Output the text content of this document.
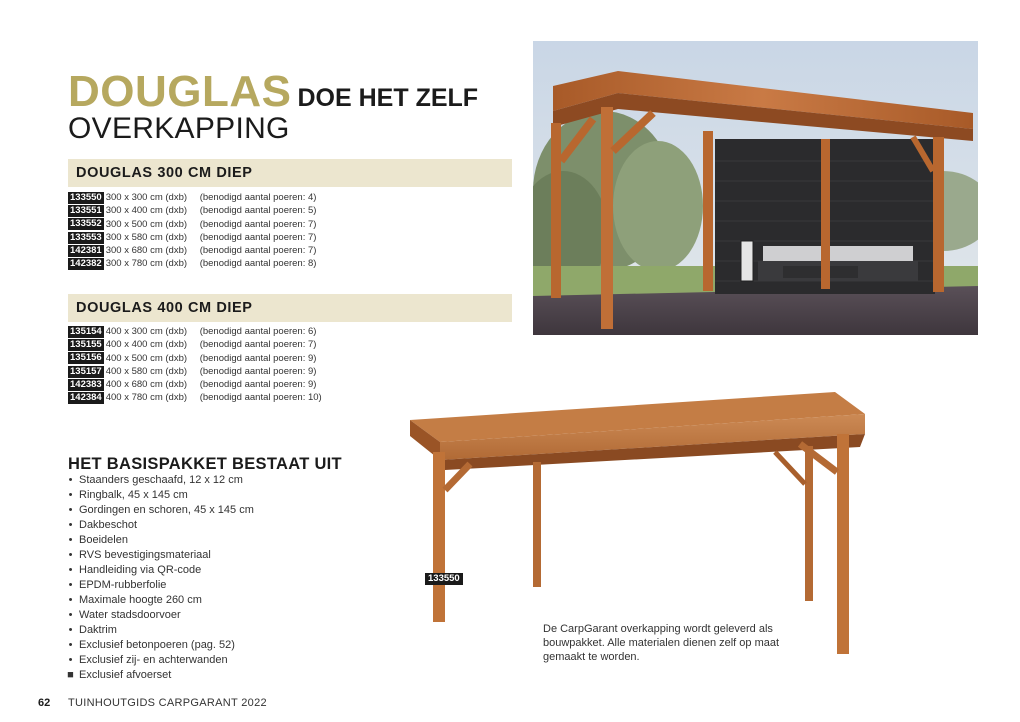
DOUGLAS DOE HET ZELF
OVERKAPPING
DOUGLAS 300 CM DIEP
133550 300 x 300 cm (dxb)	(benodigd aantal poeren: 4)
133551 300 x 400 cm (dxb)	(benodigd aantal poeren: 5)
133552 300 x 500 cm (dxb)	(benodigd aantal poeren: 7)
133553 300 x 580 cm (dxb)	(benodigd aantal poeren: 7)
142381 300 x 680 cm (dxb)	(benodigd aantal poeren: 7)
142382 300 x 780 cm (dxb)	(benodigd aantal poeren: 8)
DOUGLAS 400 CM DIEP
135154 400 x 300 cm (dxb)	(benodigd aantal poeren: 6)
135155 400 x 400 cm (dxb)	(benodigd aantal poeren: 7)
135156 400 x 500 cm (dxb)	(benodigd aantal poeren: 9)
135157 400 x 580 cm (dxb)	(benodigd aantal poeren: 9)
142383 400 x 680 cm (dxb)	(benodigd aantal poeren: 9)
142384 400 x 780 cm (dxb)	(benodigd aantal poeren: 10)
HET BASISPAKKET BESTAAT UIT
• Staanders geschaafd, 12 x 12 cm
• Ringbalk, 45 x 145 cm
• Gordingen en schoren, 45 x 145 cm
• Dakbeschot
• Boeidelen
• RVS bevestigingsmateriaal
• Handleiding via QR-code
• EPDM-rubberfolie
• Maximale hoogte 260 cm
• Water stadsdoorvoer
• Daktrim
• Exclusief betonpoeren (pag. 52)
• Exclusief zij- en achterwanden
■ Exclusief afvoerset
133550
De CarpGarant overkapping wordt geleverd als bouwpakket. Alle materialen dienen zelf op maat gemaakt te worden.
62 TUINHOUTGIDS CARPGARANT 2022
